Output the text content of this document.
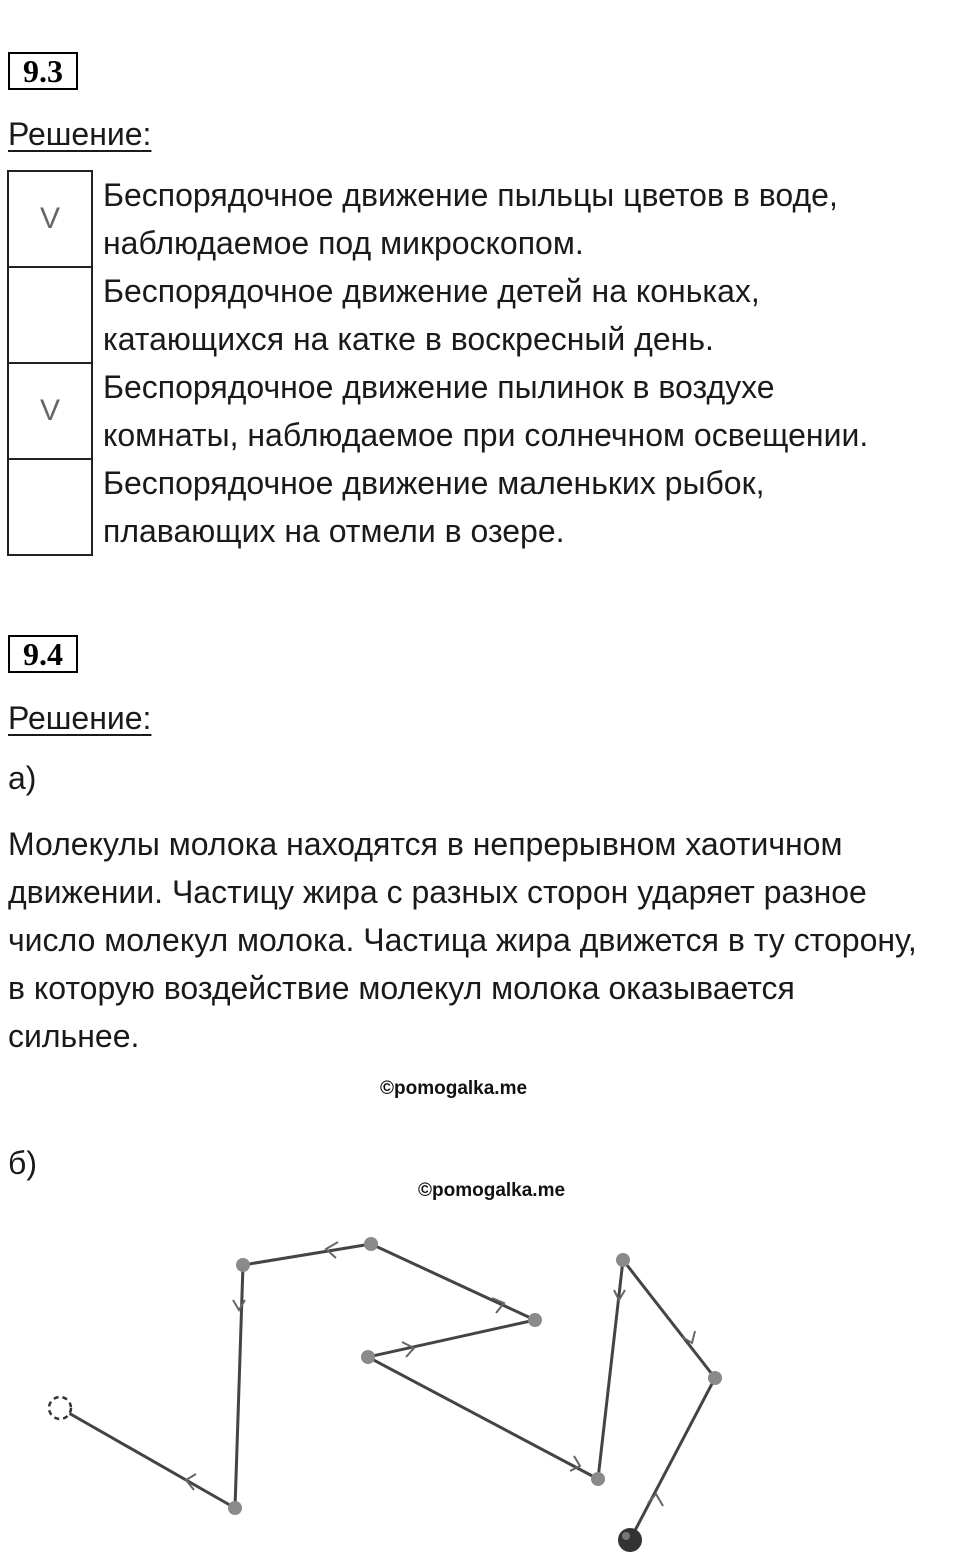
9.3
Решение:
V	Беспорядочное движение пыльцы цветов в воде,
наблюдаемое под микроскопом.

	Беспорядочное движение детей на коньках,
катающихся на катке в воскресный день.

V	Беспорядочное движение пылинок в воздухе
комнаты, наблюдаемое при солнечном освещении.

	Беспорядочное движение маленьких рыбок,
плавающих на отмели в озере.
9.4
Решение:
а)
Молекулы молока находятся в непрерывном хаотичном
движении. Частицу жира с разных сторон ударяет разное
число молекул молока. Частица жира движется в ту сторону,
в которую воздействие молекул молока оказывается
сильнее.
©pomogalka.me
б)
©pomogalka.me
